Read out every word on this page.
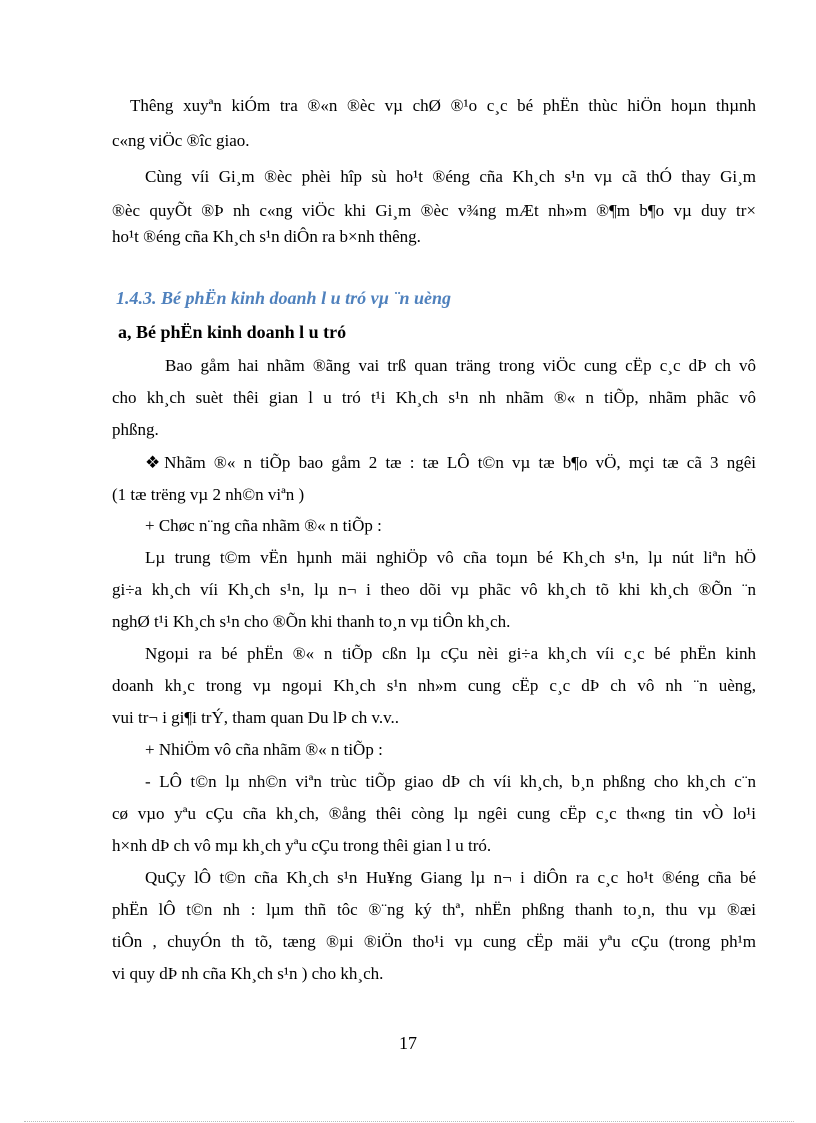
Thêng xuyªn kiÓm tra ®«n ®èc vµ chØ ®¹o c¸c bé phËn thùc hiÖn hoµn thµnh
c«ng viÖc ®îc giao.
Cùng víi Gi¸m ®èc phèi hîp sù ho¹t ®éng cña Kh¸ch s¹n vµ cã thÓ thay Gi¸m
®èc quyÕt ®Þ nh c«ng viÖc khi Gi¸m ®èc v¾ng mÆt nh»m ®¶m b¶o vµ duy tr×
ho¹t ®éng cña Kh¸ch s¹n diÔn ra b×nh thêng.
1.4.3. Bé phËn kinh doanh l u tró vµ ¨n uèng
a, Bé phËn kinh doanh l u tró
Bao gåm hai nhãm ®ãng vai trß quan träng trong viÖc cung cËp c¸c dÞ ch vô
cho kh¸ch suèt thêi gian l u tró t¹i Kh¸ch s¹n nh nhãm ®« n tiÕp, nhãm phãc vô
phßng.
❖Nhãm ®« n tiÕp bao gåm 2 tæ : tæ LÔ t©n vµ tæ b¶o vÖ, mçi tæ cã 3 ngêi
(1 tæ trëng vµ 2 nh©n viªn )
+ Chøc n¨ng cña nhãm ®« n tiÕp :
Lµ trung t©m vËn hµnh mäi nghiÖp vô cña toµn bé Kh¸ch s¹n, lµ nút liªn hÖ
gi÷a kh¸ch víi Kh¸ch s¹n, lµ n¬ i theo dõi vµ phãc vô kh¸ch tõ khi kh¸ch ®Õn ¨n
nghØ t¹i Kh¸ch s¹n cho ®Õn khi thanh to¸n vµ tiÔn kh¸ch.
Ngoµi ra bé phËn ®« n tiÕp cßn lµ cÇu nèi gi÷a kh¸ch víi c¸c bé phËn kinh
doanh kh¸c trong vµ ngoµi Kh¸ch s¹n nh»m cung cËp c¸c dÞ ch vô nh ¨n uèng,
vui tr¬ i gi¶i trÝ, tham quan Du lÞ ch v.v..
+ NhiÖm vô cña nhãm ®« n tiÕp :
- LÔ t©n lµ nh©n viªn trùc tiÕp giao dÞ ch víi kh¸ch, b¸n phßng cho kh¸ch c¨n
cø vµo yªu cÇu cña kh¸ch, ®ång thêi còng lµ ngêi cung cËp c¸c th«ng tin vÒ lo¹i
h×nh dÞ ch vô mµ kh¸ch yªu cÇu trong thêi gian l u tró.
QuÇy lÔ t©n cña Kh¸ch s¹n Hu¥ng Giang lµ n¬ i diÔn ra c¸c ho¹t ®éng cña bé
phËn lÔ t©n nh : lµm thñ tôc ®¨ng ký thª, nhËn phßng thanh to¸n, thu vµ ®æi
tiÔn , chuyÓn th tõ, tæng ®µi ®iÖn tho¹i vµ cung cËp mäi yªu cÇu (trong ph¹m
vi quy dÞ nh cña Kh¸ch s¹n ) cho kh¸ch.
17
